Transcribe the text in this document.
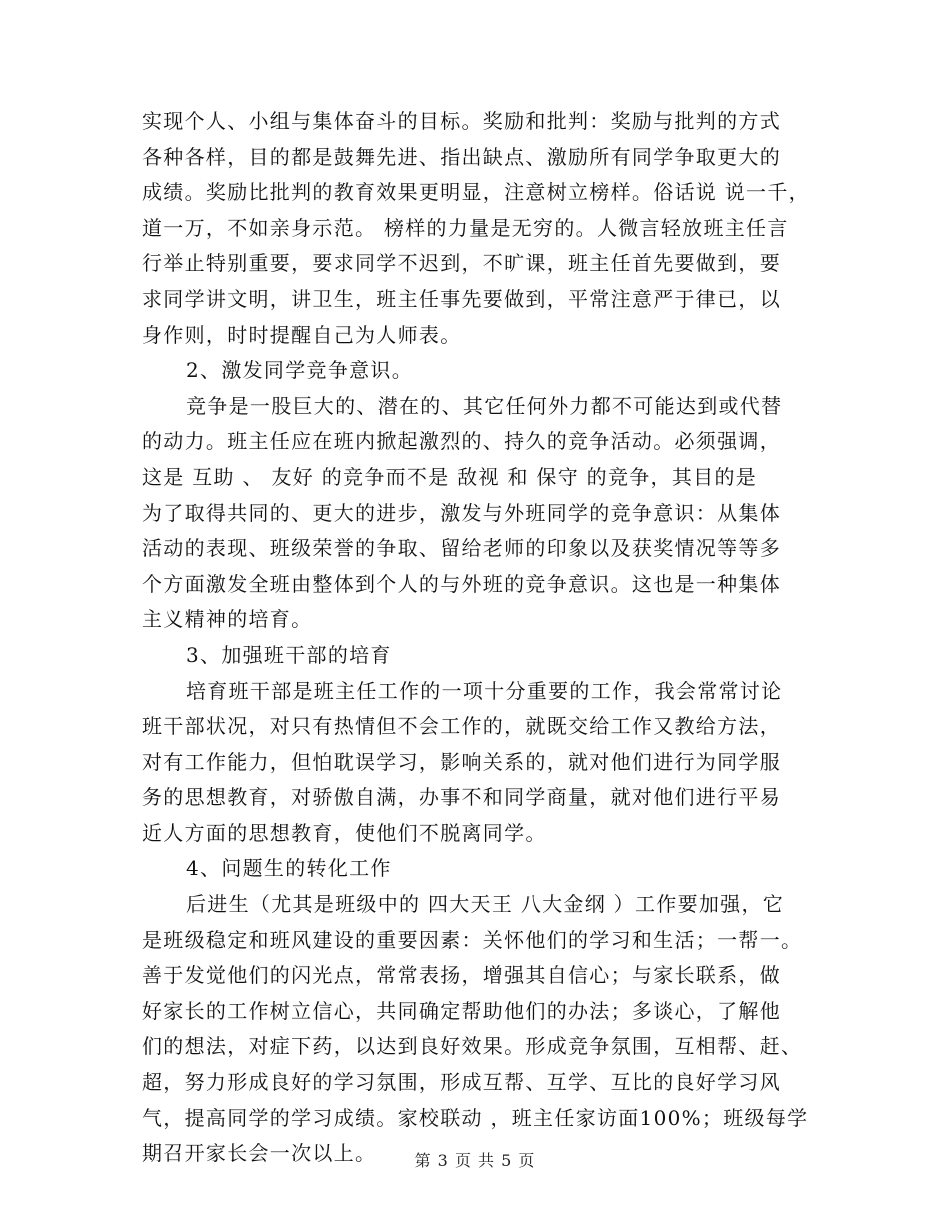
实现个人、小组与集体奋斗的目标。奖励和批判：奖励与批判的方式
各种各样，目的都是鼓舞先进、指出缺点、激励所有同学争取更大的
成绩。奖励比批判的教育效果更明显，注意树立榜样。俗话说 说一千，
道一万，不如亲身示范。 榜样的力量是无穷的。人微言轻放班主任言
行举止特别重要，要求同学不迟到，不旷课，班主任首先要做到，要
求同学讲文明，讲卫生，班主任事先要做到，平常注意严于律已，以
身作则，时时提醒自己为人师表。
2、激发同学竞争意识。
竞争是一股巨大的、潜在的、其它任何外力都不可能达到或代替
的动力。班主任应在班内掀起激烈的、持久的竞争活动。必须强调，
这是 互助 、 友好 的竞争而不是 敌视 和 保守 的竞争，其目的是
为了取得共同的、更大的进步，激发与外班同学的竞争意识：从集体
活动的表现、班级荣誉的争取、留给老师的印象以及获奖情况等等多
个方面激发全班由整体到个人的与外班的竞争意识。这也是一种集体
主义精神的培育。
3、加强班干部的培育
培育班干部是班主任工作的一项十分重要的工作，我会常常讨论
班干部状况，对只有热情但不会工作的，就既交给工作又教给方法，
对有工作能力，但怕耽误学习，影响关系的，就对他们进行为同学服
务的思想教育，对骄傲自满，办事不和同学商量，就对他们进行平易
近人方面的思想教育，使他们不脱离同学。
4、问题生的转化工作
后进生（尤其是班级中的 四大天王 八大金纲 ）工作要加强，它
是班级稳定和班风建设的重要因素：关怀他们的学习和生活；一帮一。
善于发觉他们的闪光点，常常表扬，增强其自信心；与家长联系，做
好家长的工作树立信心，共同确定帮助他们的办法；多谈心，了解他
们的想法，对症下药，以达到良好效果。形成竞争氛围，互相帮、赶、
超，努力形成良好的学习氛围，形成互帮、互学、互比的良好学习风
气，提高同学的学习成绩。家校联动 ，班主任家访面100%；班级每学
期召开家长会一次以上。	第 3 页 共 5 页
